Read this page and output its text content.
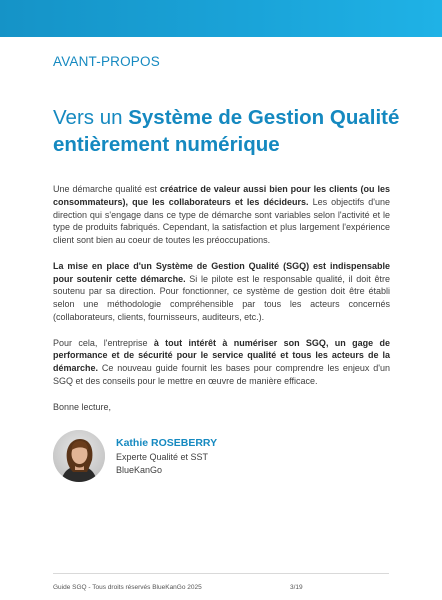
AVANT-PROPOS
Vers un Système de Gestion Qualité entièrement numérique

Une démarche qualité est créatrice de valeur aussi bien pour les clients (ou les consommateurs), que les collaborateurs et les décideurs. Les objectifs d'une direction qui s'engage dans ce type de démarche sont variables selon l'activité et le type de produits fabriqués. Cependant, la satisfaction et plus largement l'expérience client sont bien au coeur de toutes les préoccupations.

La mise en place d'un Système de Gestion Qualité (SGQ) est indispensable pour soutenir cette démarche. Si le pilote est le responsable qualité, il doit être soutenu par sa direction. Pour fonctionner, ce système de gestion doit être établi selon une méthodologie compréhensible par tous les acteurs concernés (collaborateurs, clients, fournisseurs, auditeurs, etc.).

Pour cela, l'entreprise à tout intérêt à numériser son SGQ, un gage de performance et de sécurité pour le service qualité et tous les acteurs de la démarche. Ce nouveau guide fournit les bases pour comprendre les enjeux d'un SGQ et des conseils pour le mettre en œuvre de manière efficace.

Bonne lecture,

Kathie ROSEBERRY
Experte Qualité et SST
BlueKanGo
Guide SGQ - Tous droits réservés BlueKanGo 2025	3/19
